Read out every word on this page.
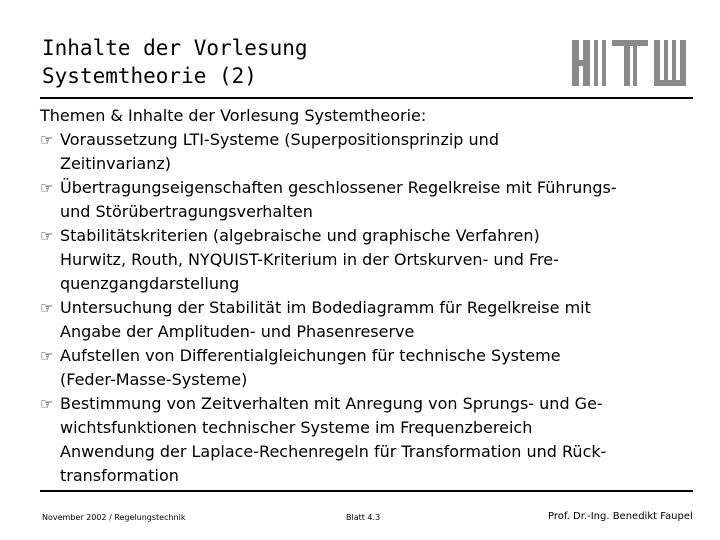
Inhalte der Vorlesung
Systemtheorie (2)

Themen & Inhalte der Vorlesung Systemtheorie:

☞ Voraussetzung LTI-Systeme (Superpositionsprinzip und
Zeitinvarianz)
☞ Übertragungseigenschaften geschlossener Regelkreise mit Führungs-
und Störübertragungsverhalten
☞ Stabilitätskriterien (algebraische und graphische Verfahren)
Hurwitz, Routh, NYQUIST-Kriterium in der Ortskurven- und Fre-
quenzgangdarstellung
☞ Untersuchung der Stabilität im Bodediagramm für Regelkreise mit
Angabe der Amplituden- und Phasenreserve
☞ Aufstellen von Differentialgleichungen für technische Systeme
(Feder-Masse-Systeme)
☞ Bestimmung von Zeitverhalten mit Anregung von Sprungs- und Ge-
wichtsfunktionen technischer Systeme im Frequenzbereich
Anwendung der Laplace-Rechenregeln für Transformation und Rück-
transformation
November 2002 / Regelungstechnik	Blatt 4.3	Prof. Dr.-Ing. Benedikt Faupel
